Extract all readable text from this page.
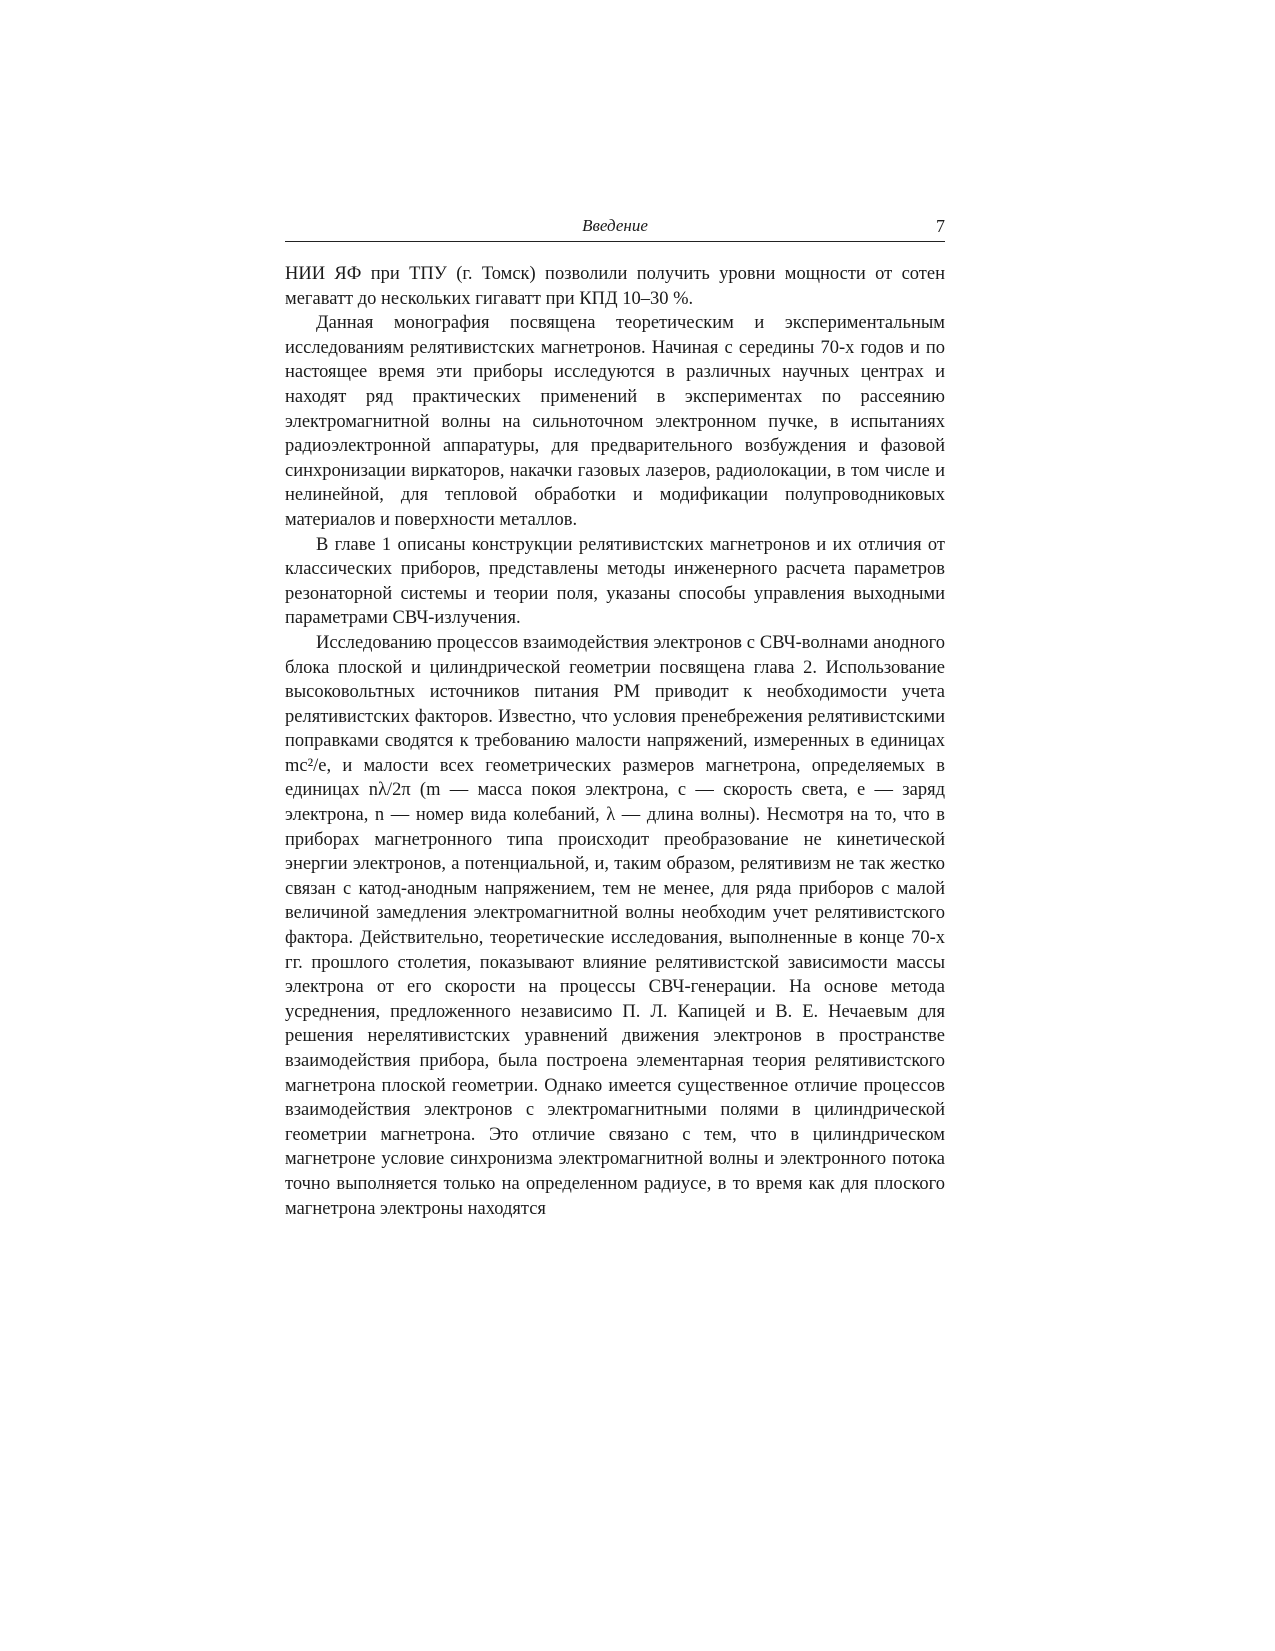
Введение	7

НИИ ЯФ при ТПУ (г. Томск) позволили получить уровни мощности от сотен мегаватт до нескольких гигаватт при КПД 10–30 %.

Данная монография посвящена теоретическим и экспериментальным исследованиям релятивистских магнетронов. Начиная с середины 70-х годов и по настоящее время эти приборы исследуются в различных научных центрах и находят ряд практических применений в экспериментах по рассеянию электромагнитной волны на сильноточном электронном пучке, в испытаниях радиоэлектронной аппаратуры, для предварительного возбуждения и фазовой синхронизации виркаторов, накачки газовых лазеров, радиолокации, в том числе и нелинейной, для тепловой обработки и модификации полупроводниковых материалов и поверхности металлов.

В главе 1 описаны конструкции релятивистских магнетронов и их отличия от классических приборов, представлены методы инженерного расчета параметров резонаторной системы и теории поля, указаны способы управления выходными параметрами СВЧ-излучения.

Исследованию процессов взаимодействия электронов с СВЧ-волнами анодного блока плоской и цилиндрической геометрии посвящена глава 2. Использование высоковольтных источников питания РМ приводит к необходимости учета релятивистских факторов. Известно, что условия пренебрежения релятивистскими поправками сводятся к требованию малости напряжений, измеренных в единицах mc²/e, и малости всех геометрических размеров магнетрона, определяемых в единицах nλ/2π (m — масса покоя электрона, c — скорость света, e — заряд электрона, n — номер вида колебаний, λ — длина волны). Несмотря на то, что в приборах магнетронного типа происходит преобразование не кинетической энергии электронов, а потенциальной, и, таким образом, релятивизм не так жестко связан с катод-анодным напряжением, тем не менее, для ряда приборов с малой величиной замедления электромагнитной волны необходим учет релятивистского фактора. Действительно, теоретические исследования, выполненные в конце 70-х гг. прошлого столетия, показывают влияние релятивистской зависимости массы электрона от его скорости на процессы СВЧ-генерации. На основе метода усреднения, предложенного независимо П. Л. Капицей и В. Е. Нечаевым для решения нерелятивистских уравнений движения электронов в пространстве взаимодействия прибора, была построена элементарная теория релятивистского магнетрона плоской геометрии. Однако имеется существенное отличие процессов взаимодействия электронов с электромагнитными полями в цилиндрической геометрии магнетрона. Это отличие связано с тем, что в цилиндрическом магнетроне условие синхронизма электромагнитной волны и электронного потока точно выполняется только на определенном радиусе, в то время как для плоского магнетрона электроны находятся
